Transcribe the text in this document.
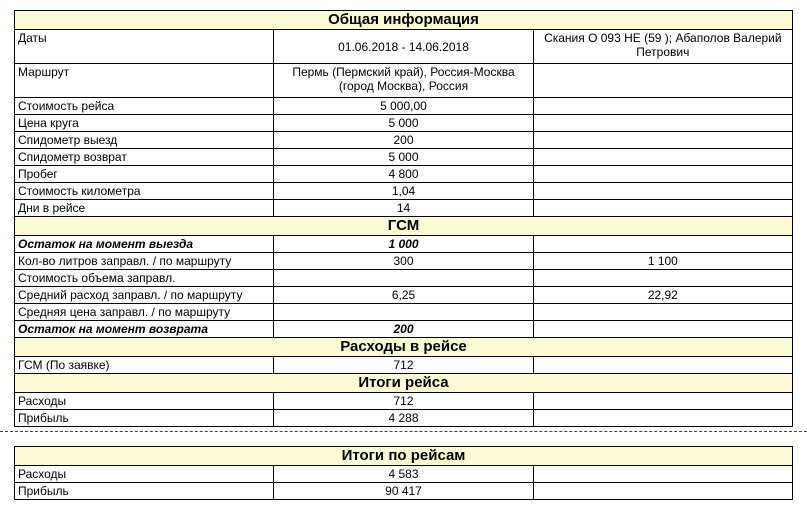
Общая информация		
Даты	01.06.2018 - 14.06.2018	Скания О 093 НЕ (59 ); Абаполов Валерий Петрович
Маршрут	Пермь (Пермский край), Россия-Москва (город Москва), Россия	
Стоимость рейса	5 000,00	
Цена круга	5 000	
Спидометр выезд	200	
Спидометр возврат	5 000	
Пробег	4 800	
Стоимость километра	1,04	
Дни в рейсе	14	
ГСМ		
Остаток на момент выезда	1 000	
Кол-во литров заправл. / по маршруту	300	1 100
Стоимость объема заправл.		
Средний расход заправл. / по маршруту	6,25	22,92
Средняя цена заправл. / по маршруту		
Остаток на момент возврата	200	
Расходы в рейсе		
ГСМ (По заявке)	712	
Итоги рейса		
Расходы	712	
Прибыль	4 288	
Итоги по рейсам		
Расходы	4 583	
Прибыль	90 417	
